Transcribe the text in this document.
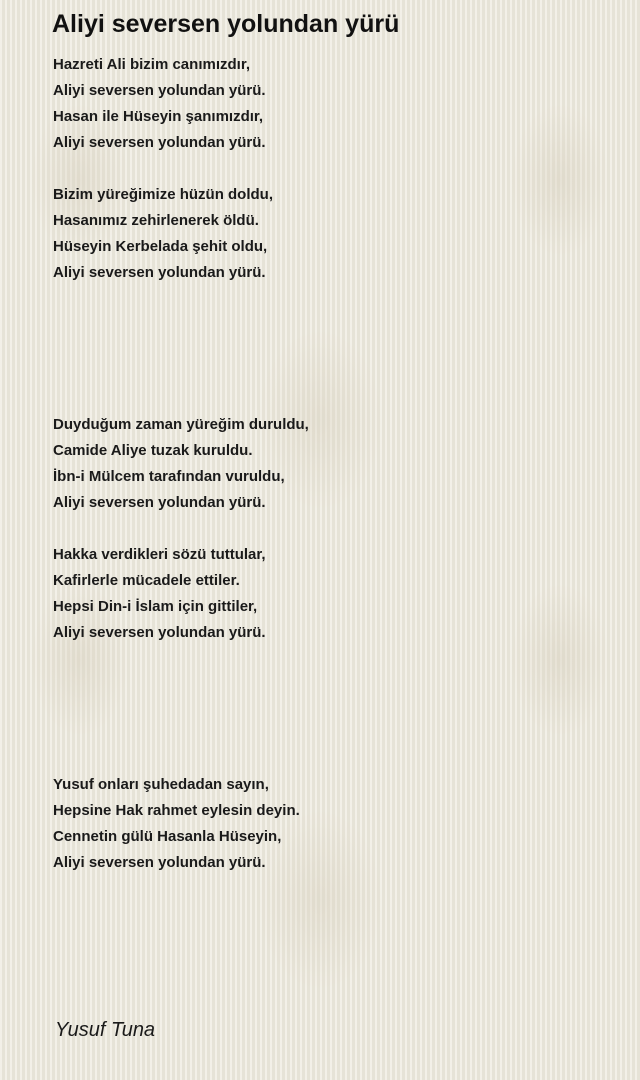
Aliyi seversen yolundan yürü
Hazreti Ali bizim canımızdır,
Aliyi seversen yolundan yürü.
Hasan ile Hüseyin şanımızdır,
Aliyi seversen yolundan yürü.
Bizim yüreğimize hüzün doldu,
Hasanımız zehirlenerek öldü.
Hüseyin Kerbelada şehit oldu,
Aliyi seversen yolundan yürü.
Duyduğum zaman yüreğim duruldu,
Camide Aliye tuzak kuruldu.
İbn-i Mülcem tarafından vuruldu,
Aliyi seversen yolundan yürü.
Hakka verdikleri sözü tuttular,
Kafirlerle mücadele ettiler.
Hepsi Din-i İslam için gittiler,
Aliyi seversen yolundan yürü.
Yusuf onları şuhedadan sayın,
Hepsine Hak rahmet eylesin deyin.
Cennetin gülü Hasanla Hüseyin,
Aliyi seversen yolundan yürü.
Yusuf Tuna
